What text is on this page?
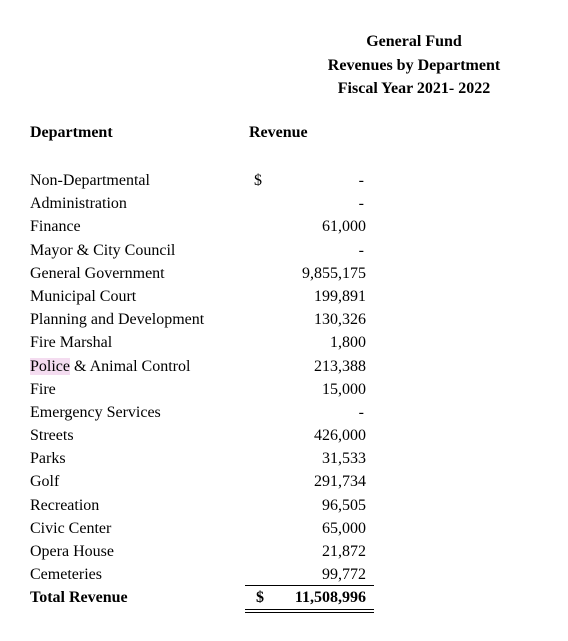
General Fund
Revenues by Department
Fiscal Year 2021- 2022
Department	Revenue
Non-Departmental	$	-
Administration	-
Finance	61,000
Mayor & City Council	-
General Government	9,855,175
Municipal Court	199,891
Planning and Development	130,326
Fire Marshal	1,800
Police & Animal Control	213,388
Fire	15,000
Emergency Services	-
Streets	426,000
Parks	31,533
Golf	291,734
Recreation	96,505
Civic Center	65,000
Opera House	21,872
Cemeteries	99,772
Total Revenue	$ 11,508,996
